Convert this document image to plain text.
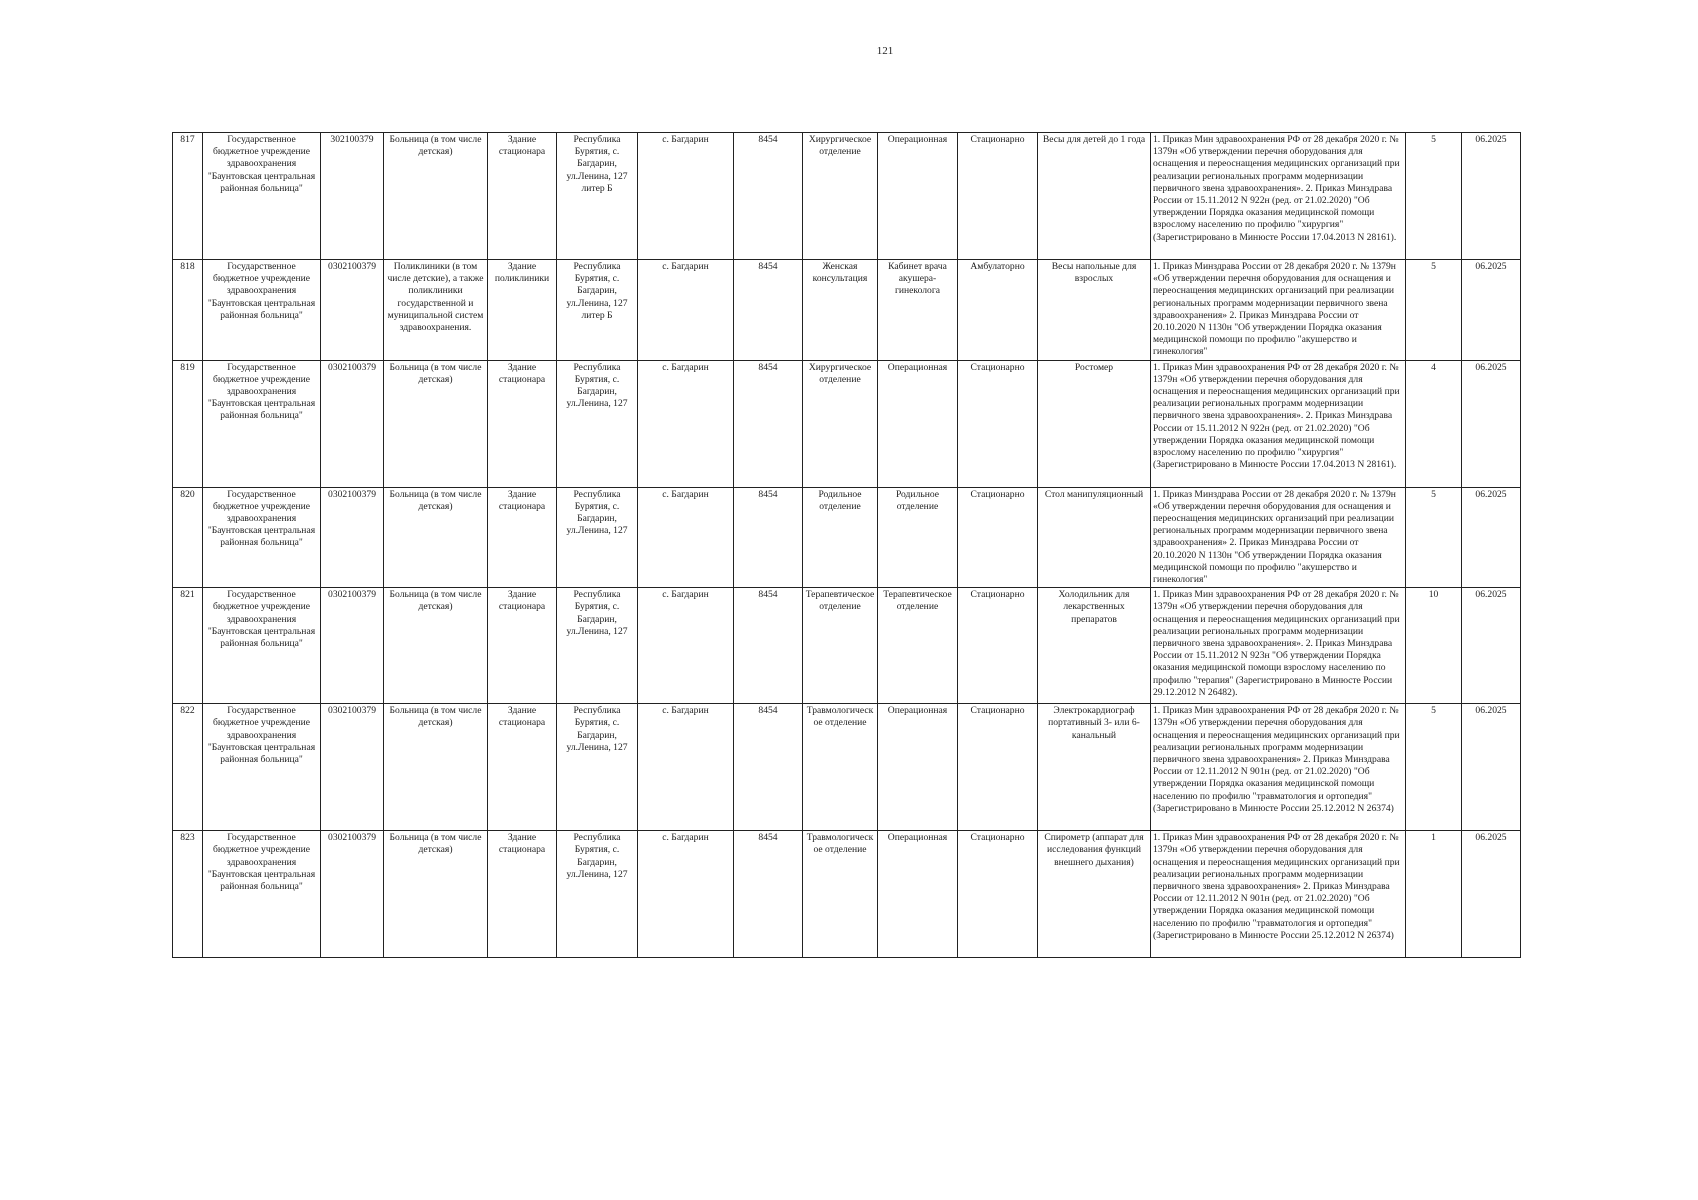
121
817	Государственное бюджетное учреждение здравоохранения "Баунтовская центральная районная больница"	302100379	Больница (в том числе детская)	Здание стационара	Республика Бурятия, с. Багдарин, ул.Ленина, 127 литер Б	с. Багдарин	8454	Хирургическое отделение	Операционная	Стационарно	Весы для детей до 1 года	1. Приказ Мин здравоохранения РФ от 28 декабря 2020 г. № 1379н «Об утверждении перечня оборудования для оснащения и переоснащения медицинских организаций при реализации региональных программ модернизации первичного звена здравоохранения». 2. Приказ Минздрава России от 15.11.2012 N 922н (ред. от 21.02.2020) "Об утверждении Порядка оказания медицинской помощи взрослому населению по профилю "хирургия" (Зарегистрировано в Минюсте России 17.04.2013 N 28161).	5	06.2025
818	Государственное бюджетное учреждение здравоохранения "Баунтовская центральная районная больница"	0302100379	Поликлиники (в том числе детские), а также поликлиники государственной и муниципальной систем здравоохранения.	Здание поликлиники	Республика Бурятия, с. Багдарин, ул.Ленина, 127 литер Б	с. Багдарин	8454	Женская консультация	Кабинет врача акушера-гинеколога	Амбулаторно	Весы напольные для взрослых	1. Приказ Минздрава России от 28 декабря 2020 г. № 1379н «Об утверждении перечня оборудования для оснащения и переоснащения медицинских организаций при реализации региональных программ модернизации первичного звена здравоохранения» 2. Приказ Минздрава России от 20.10.2020 N 1130н "Об утверждении Порядка оказания медицинской помощи по профилю "акушерство и гинекология"	5	06.2025
819	Государственное бюджетное учреждение здравоохранения "Баунтовская центральная районная больница"	0302100379	Больница (в том числе детская)	Здание стационара	Республика Бурятия, с. Багдарин, ул.Ленина, 127	с. Багдарин	8454	Хирургическое отделение	Операционная	Стационарно	Ростомер	1. Приказ Мин здравоохранения РФ от 28 декабря 2020 г. № 1379н «Об утверждении перечня оборудования для оснащения и переоснащения медицинских организаций при реализации региональных программ модернизации первичного звена здравоохранения». 2. Приказ Минздрава России от 15.11.2012 N 922н (ред. от 21.02.2020) "Об утверждении Порядка оказания медицинской помощи взрослому населению по профилю "хирургия" (Зарегистрировано в Минюсте России 17.04.2013 N 28161).	4	06.2025
820	Государственное бюджетное учреждение здравоохранения "Баунтовская центральная районная больница"	0302100379	Больница (в том числе детская)	Здание стационара	Республика Бурятия, с. Багдарин, ул.Ленина, 127	с. Багдарин	8454	Родильное отделение	Родильное отделение	Стационарно	Стол манипуляционный	1. Приказ Минздрава России от 28 декабря 2020 г. № 1379н «Об утверждении перечня оборудования для оснащения и переоснащения медицинских организаций при реализации региональных программ модернизации первичного звена здравоохранения» 2. Приказ Минздрава России от 20.10.2020 N 1130н "Об утверждении Порядка оказания медицинской помощи по профилю "акушерство и гинекология"	5	06.2025
821	Государственное бюджетное учреждение здравоохранения "Баунтовская центральная районная больница"	0302100379	Больница (в том числе детская)	Здание стационара	Республика Бурятия, с. Багдарин, ул.Ленина, 127	с. Багдарин	8454	Терапевтическое отделение	Терапевтическое отделение	Стационарно	Холодильник для лекарственных препаратов	1. Приказ Мин здравоохранения РФ от 28 декабря 2020 г. № 1379н «Об утверждении перечня оборудования для оснащения и переоснащения медицинских организаций при реализации региональных программ модернизации первичного звена здравоохранения». 2. Приказ Минздрава России от 15.11.2012 N 923н "Об утверждении Порядка оказания медицинской помощи взрослому населению по профилю "терапия" (Зарегистрировано в Минюсте России 29.12.2012 N 26482).	10	06.2025
822	Государственное бюджетное учреждение здравоохранения "Баунтовская центральная районная больница"	0302100379	Больница (в том числе детская)	Здание стационара	Республика Бурятия, с. Багдарин, ул.Ленина, 127	с. Багдарин	8454	Травмологическое отделение	Операционная	Стационарно	Электрокардиограф портативный 3- или 6-канальный	1. Приказ Мин здравоохранения РФ от 28 декабря 2020 г. № 1379н «Об утверждении перечня оборудования для оснащения и переоснащения медицинских организаций при реализации региональных программ модернизации первичного звена здравоохранения» 2. Приказ Минздрава России от 12.11.2012 N 901н (ред. от 21.02.2020) "Об утверждении Порядка оказания медицинской помощи населению по профилю "травматология и ортопедия" (Зарегистрировано в Минюсте России 25.12.2012 N 26374)	5	06.2025
823	Государственное бюджетное учреждение здравоохранения "Баунтовская центральная районная больница"	0302100379	Больница (в том числе детская)	Здание стационара	Республика Бурятия, с. Багдарин, ул.Ленина, 127	с. Багдарин	8454	Травмологическое отделение	Операционная	Стационарно	Спирометр (аппарат для исследования функций внешнего дыхания)	1. Приказ Мин здравоохранения РФ от 28 декабря 2020 г. № 1379н «Об утверждении перечня оборудования для оснащения и переоснащения медицинских организаций при реализации региональных программ модернизации первичного звена здравоохранения» 2. Приказ Минздрава России от 12.11.2012 N 901н (ред. от 21.02.2020) "Об утверждении Порядка оказания медицинской помощи населению по профилю "травматология и ортопедия" (Зарегистрировано в Минюсте России 25.12.2012 N 26374)	1	06.2025
